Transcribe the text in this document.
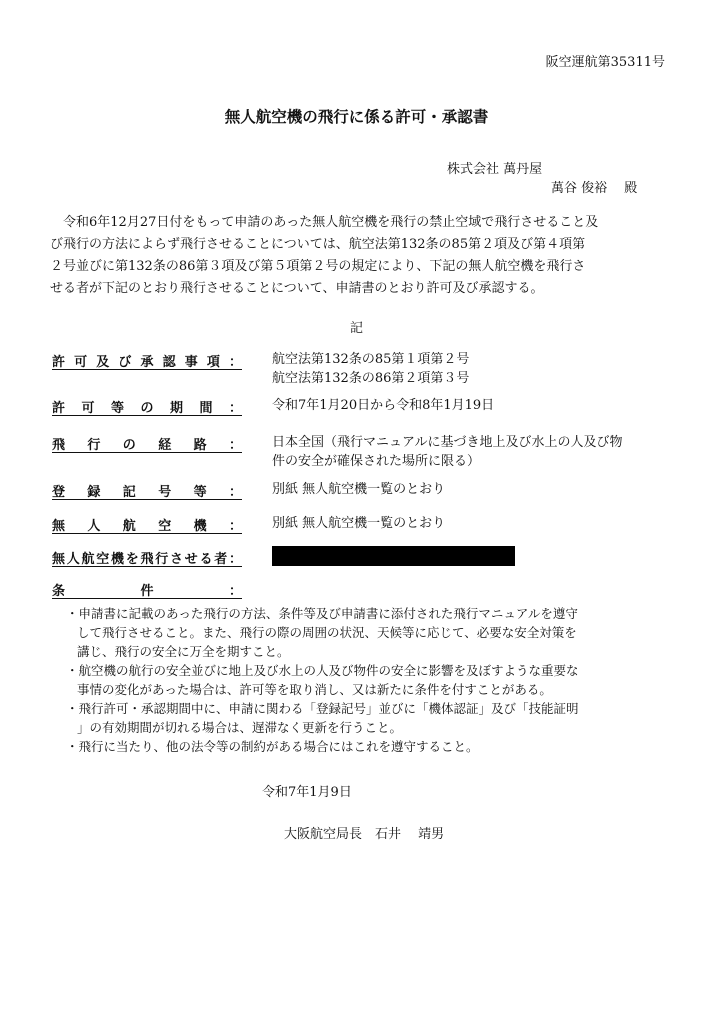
阪空運航第35311号
無人航空機の飛行に係る許可・承認書
株式会社 萬丹屋
萬谷 俊裕　 殿
令和6年12月27日付をもって申請のあった無人航空機を飛行の禁止空域で飛行させること及
び飛行の方法によらず飛行させることについては、航空法第132条の85第２項及び第４項第
２号並びに第132条の86第３項及び第５項第２号の規定により、下記の無人航空機を飛行さ
せる者が下記のとおり飛行させることについて、申請書のとおり許可及び承認する。
記
許可及び承認事項： 航空法第132条の85第１項第２号
航空法第132条の86第２項第３号
許可等の期間： 令和7年1月20日から令和8年1月19日
飛行の経路： 日本全国（飛行マニュアルに基づき地上及び水上の人及び物
件の安全が確保された場所に限る）
登録記号等： 別紙 無人航空機一覧のとおり
無人航空機： 別紙 無人航空機一覧のとおり
無人航空機を飛行させる者：
条件：
・申請書に記載のあった飛行の方法、条件等及び申請書に添付された飛行マニュアルを遵守
して飛行させること。また、飛行の際の周囲の状況、天候等に応じて、必要な安全対策を
講じ、飛行の安全に万全を期すこと。
・航空機の航行の安全並びに地上及び水上の人及び物件の安全に影響を及ぼすような重要な
事情の変化があった場合は、許可等を取り消し、又は新たに条件を付すことがある。
・飛行許可・承認期間中に、申請に関わる「登録記号」並びに「機体認証」及び「技能証明
」の有効期間が切れる場合は、遅滞なく更新を行うこと。
・飛行に当たり、他の法令等の制約がある場合にはこれを遵守すること。
令和7年1月9日
大阪航空局長　石井　 靖男
